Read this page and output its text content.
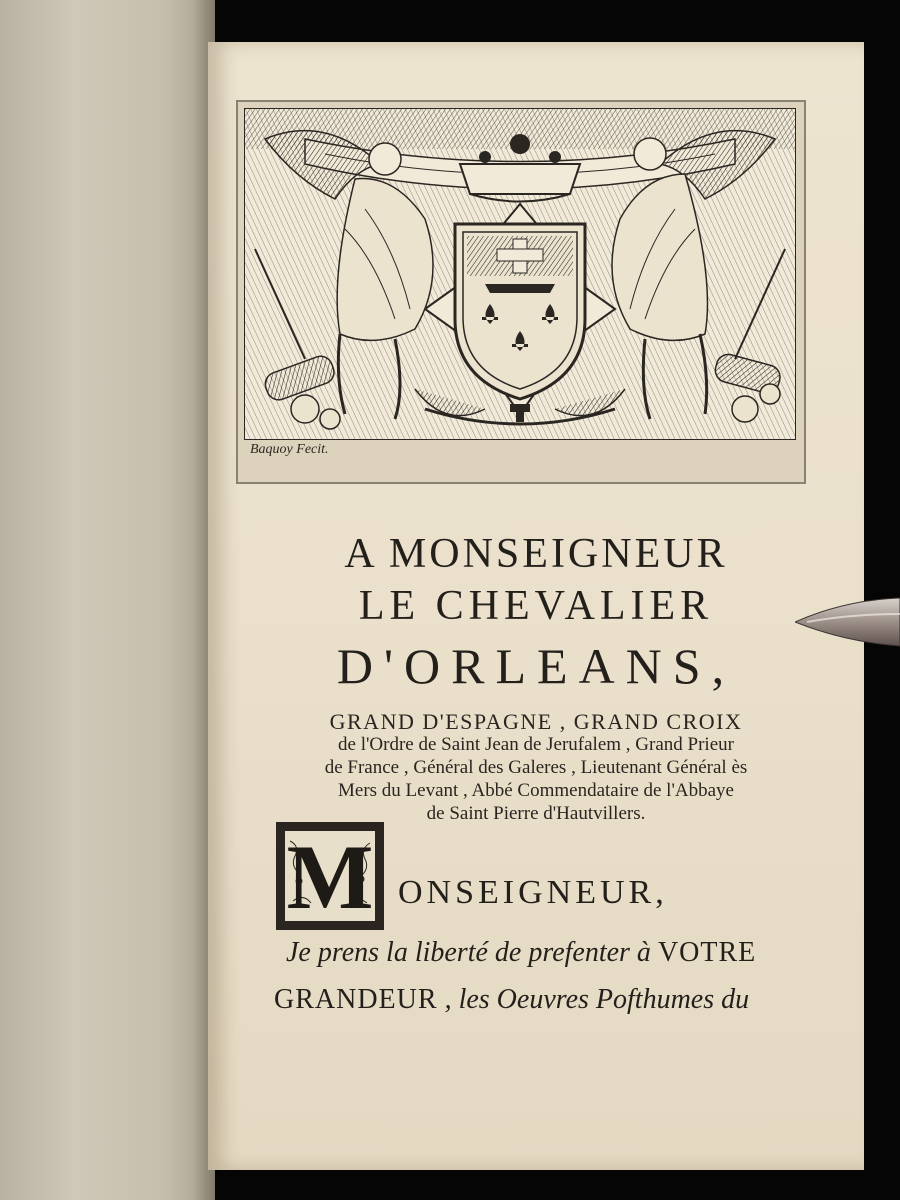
Baquoy Fecit.
A MONSEIGNEUR
LE CHEVALIER
D'ORLEANS,
GRAND D'ESPAGNE , GRAND CROIX
de l'Ordre de Saint Jean de Jerufalem , Grand Prieur
de France , Général des Galeres , Lieutenant Général ès
Mers du Levant , Abbé Commendataire de l'Abbaye
de Saint Pierre d'Hautvillers.
M ONSEIGNEUR,
Je prens la liberté de prefenter à VOTRE
GRANDEUR , les Oeuvres Pofthumes du
